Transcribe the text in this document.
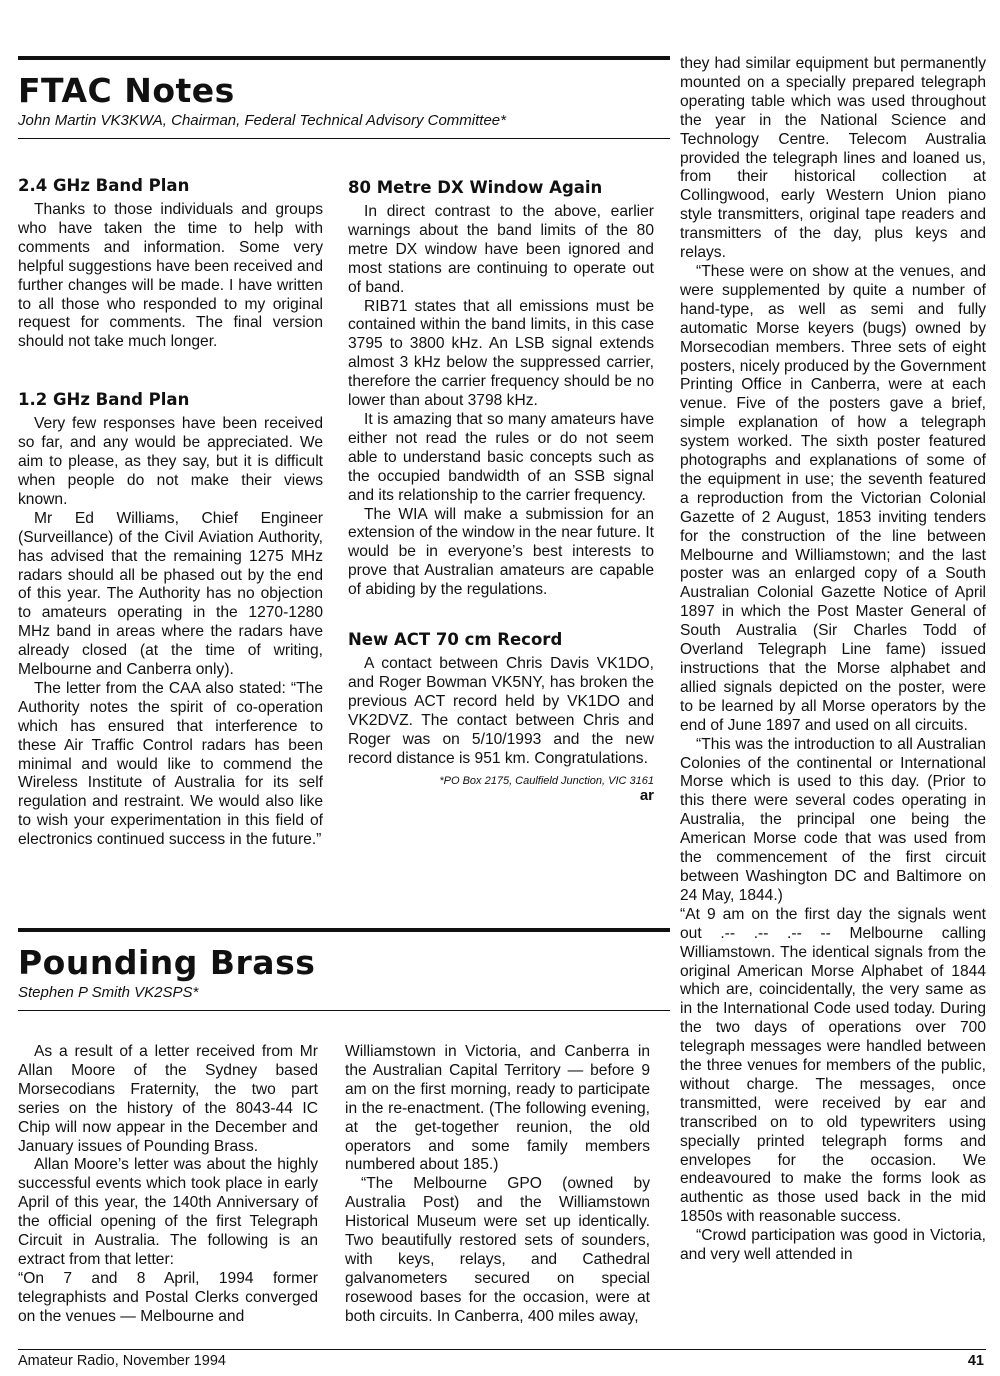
FTAC Notes
John Martin VK3KWA, Chairman, Federal Technical Advisory Committee*
2.4 GHz Band Plan

Thanks to those individuals and groups who have taken the time to help with comments and information. Some very helpful suggestions have been received and further changes will be made. I have written to all those who responded to my original request for comments. The final version should not take much longer.

1.2 GHz Band Plan

Very few responses have been received so far, and any would be appreciated. We aim to please, as they say, but it is difficult when people do not make their views known.

Mr Ed Williams, Chief Engineer (Surveillance) of the Civil Aviation Authority, has advised that the remaining 1275 MHz radars should all be phased out by the end of this year. The Authority has no objection to amateurs operating in the 1270-1280 MHz band in areas where the radars have already closed (at the time of writing, Melbourne and Canberra only).

The letter from the CAA also stated: “The Authority notes the spirit of co-operation which has ensured that interference to these Air Traffic Control radars has been minimal and would like to commend the Wireless Institute of Australia for its self regulation and restraint. We would also like to wish your experimentation in this field of electronics continued success in the future.”

80 Metre DX Window Again

In direct contrast to the above, earlier warnings about the band limits of the 80 metre DX window have been ignored and most stations are continuing to operate out of band.

RIB71 states that all emissions must be contained within the band limits, in this case 3795 to 3800 kHz. An LSB signal extends almost 3 kHz below the suppressed carrier, therefore the carrier frequency should be no lower than about 3798 kHz.

It is amazing that so many amateurs have either not read the rules or do not seem able to understand basic concepts such as the occupied bandwidth of an SSB signal and its relationship to the carrier frequency.

The WIA will make a submission for an extension of the window in the near future. It would be in everyone’s best interests to prove that Australian amateurs are capable of abiding by the regulations.

New ACT 70 cm Record

A contact between Chris Davis VK1DO, and Roger Bowman VK5NY, has broken the previous ACT record held by VK1DO and VK2DVZ. The contact between Chris and Roger was on 5/10/1993 and the new record distance is 951 km. Congratulations.

*PO Box 2175, Caulfield Junction, VIC 3161
ar
Pounding Brass
Stephen P Smith VK2SPS*

As a result of a letter received from Mr Allan Moore of the Sydney based Morsecodians Fraternity, the two part series on the history of the 8043-44 IC Chip will now appear in the December and January issues of Pounding Brass.

Allan Moore’s letter was about the highly successful events which took place in early April of this year, the 140th Anniversary of the official opening of the first Telegraph Circuit in Australia. The following is an extract from that letter:

“On 7 and 8 April, 1994 former telegraphists and Postal Clerks converged on the venues — Melbourne and

Williamstown in Victoria, and Canberra in the Australian Capital Territory — before 9 am on the first morning, ready to participate in the re-enactment. (The following evening, at the get-together reunion, the old operators and some family members numbered about 185.)

“The Melbourne GPO (owned by Australia Post) and the Williamstown Historical Museum were set up identically. Two beautifully restored sets of sounders, with keys, relays, and Cathedral galvanometers secured on special rosewood bases for the occasion, were at both circuits. In Canberra, 400 miles away,

they had similar equipment but permanently mounted on a specially prepared telegraph operating table which was used throughout the year in the National Science and Technology Centre. Telecom Australia provided the telegraph lines and loaned us, from their historical collection at Collingwood, early Western Union piano style transmitters, original tape readers and transmitters of the day, plus keys and relays.

“These were on show at the venues, and were supplemented by quite a number of hand-type, as well as semi and fully automatic Morse keyers (bugs) owned by Morsecodian members. Three sets of eight posters, nicely produced by the Government Printing Office in Canberra, were at each venue. Five of the posters gave a brief, simple explanation of how a telegraph system worked. The sixth poster featured photographs and explanations of some of the equipment in use; the seventh featured a reproduction from the Victorian Colonial Gazette of 2 August, 1853 inviting tenders for the construction of the line between Melbourne and Williamstown; and the last poster was an enlarged copy of a South Australian Colonial Gazette Notice of April 1897 in which the Post Master General of South Australia (Sir Charles Todd of Overland Telegraph Line fame) issued instructions that the Morse alphabet and allied signals depicted on the poster, were to be learned by all Morse operators by the end of June 1897 and used on all circuits.

“This was the introduction to all Australian Colonies of the continental or International Morse which is used to this day. (Prior to this there were several codes operating in Australia, the principal one being the American Morse code that was used from the commencement of the first circuit between Washington DC and Baltimore on 24 May, 1844.)

“At 9 am on the first day the signals went out .-- .-- .-- -- Melbourne calling Williamstown. The identical signals from the original American Morse Alphabet of 1844 which are, coincidentally, the very same as in the International Code used today. During the two days of operations over 700 telegraph messages were handled between the three venues for members of the public, without charge. The messages, once transmitted, were received by ear and transcribed on to old typewriters using specially printed telegraph forms and envelopes for the occasion. We endeavoured to make the forms look as authentic as those used back in the mid 1850s with reasonable success.

“Crowd participation was good in Victoria, and very well attended in

Amateur Radio, November 1994	41
